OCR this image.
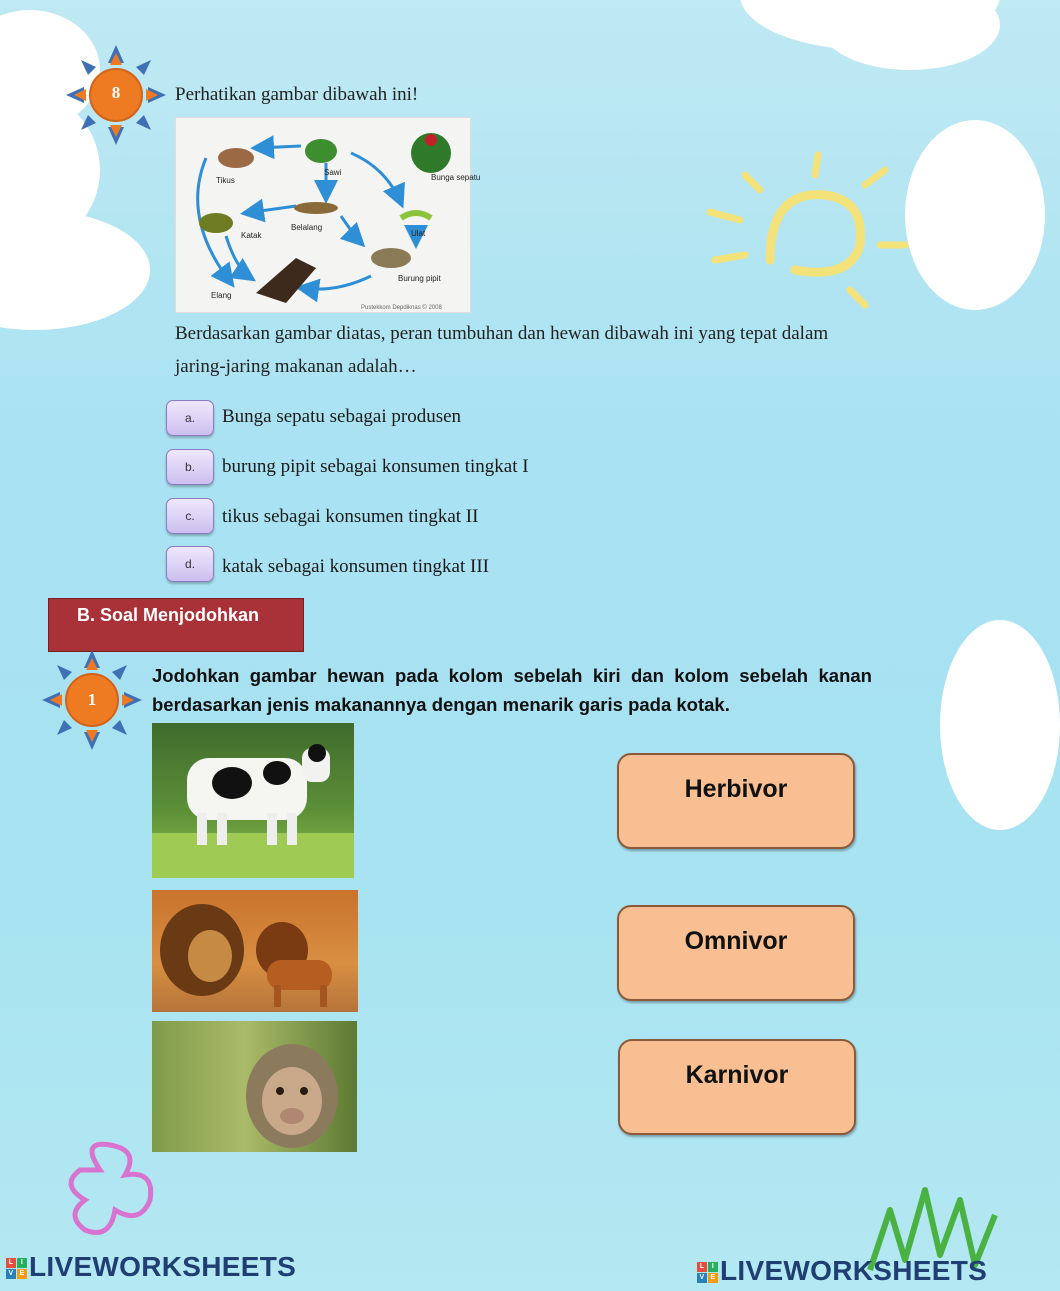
8	Perhatikan gambar dibawah ini!
Tikus
Sawi
Bunga sepatu
Katak
Belalang
Ulat
Burung pipit
Elang
Pustekkom Depdiknas © 2008
Berdasarkan gambar diatas, peran tumbuhan dan hewan dibawah ini yang tepat dalam
jaring-jaring makanan adalah…
a.	Bunga sepatu sebagai produsen
b.	burung pipit sebagai konsumen tingkat I
c.	tikus sebagai konsumen tingkat II
d.	katak sebagai konsumen tingkat III
B. Soal Menjodohkan
1
Jodohkan gambar hewan pada kolom sebelah kiri dan kolom sebelah kanan berdasarkan jenis makanannya dengan menarik garis pada kotak.
Herbivor
Omnivor
Karnivor
L	I
V E LIVEWORKSHEETS	L	I
V E LIVEWORKSHEETS
